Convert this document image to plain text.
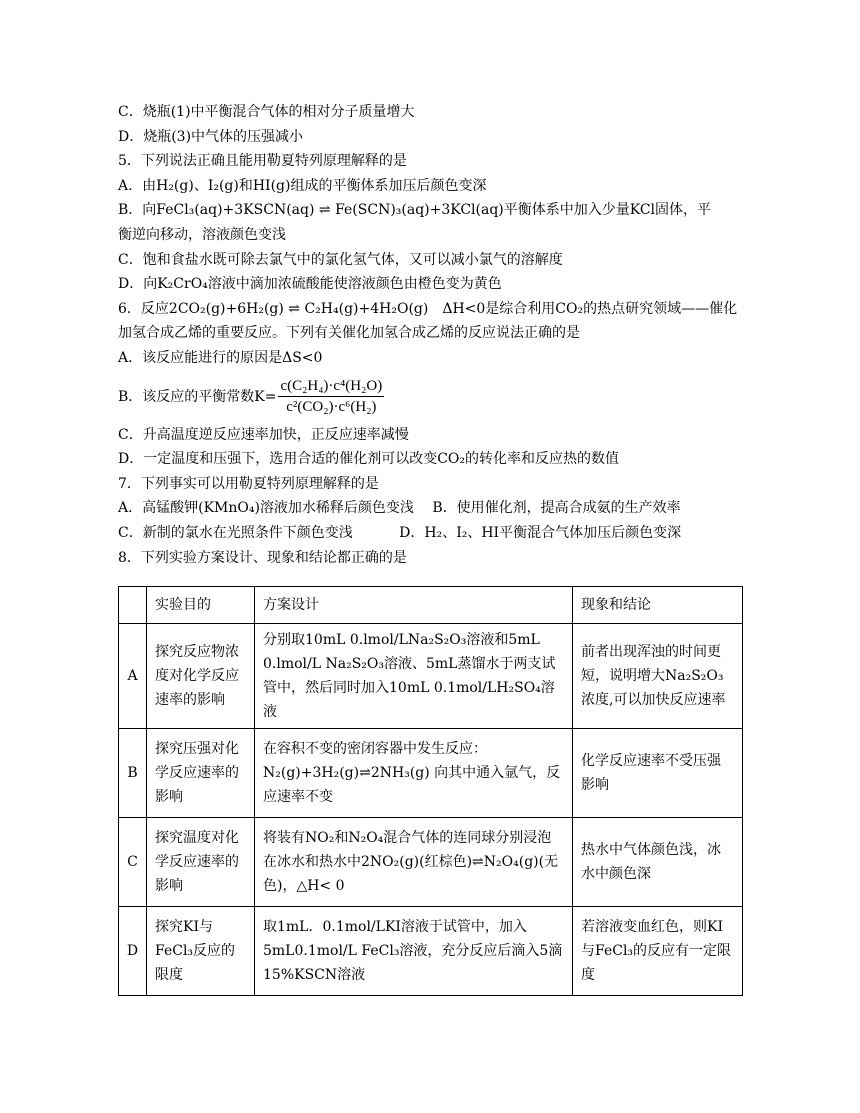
C．烧瓶(1)中平衡混合气体的相对分子质量增大
D．烧瓶(3)中气体的压强减小
5．下列说法正确且能用勒夏特列原理解释的是
A．由H₂(g)、I₂(g)和HI(g)组成的平衡体系加压后颜色变深
B．向FeCl₃(aq)+3KSCN(aq) ⇌ Fe(SCN)₃(aq)+3KCl(aq)平衡体系中加入少量KCl固体，平
衡逆向移动，溶液颜色变浅
C．饱和食盐水既可除去氯气中的氯化氢气体，又可以减小氯气的溶解度
D．向K₂CrO₄溶液中滴加浓硫酸能使溶液颜色由橙色变为黄色
6．反应2CO₂(g)+6H₂(g) ⇌ C₂H₄(g)+4H₂O(g)　ΔH<0是综合利用CO₂的热点研究领域——催化
加氢合成乙烯的重要反应。下列有关催化加氢合成乙烯的反应说法正确的是
A．该反应能进行的原因是ΔS<0
B．该反应的平衡常数$K= \frac{\text{c(C₂H₄)·c⁴(H₂O)}}{\text{c²(CO₂)·c⁶(H₂)}}$
C．升高温度逆反应速率加快，正反应速率减慢
D．一定温度和压强下，选用合适的催化剂可以改变CO₂的转化率和反应热的数值
7．下列事实可以用勒夏特列原理解释的是
A．高锰酸钾(KMnO₄)溶液加水稀释后颜色变浅　 B．使用催化剂，提高合成氨的生产效率
C．新制的氯水在光照条件下颜色变浅　　　 D．H₂、I₂、HI平衡混合气体加压后颜色变深
8．下列实验方案设计、现象和结论都正确的是
	实验目的	方案设计	现象和结论
A	探究反应物浓度对化学反应速率的影响	分别取10mL 0.lmol/LNa₂S₂O₃溶液和5mL 0.lmol/L Na₂S₂O₃溶液、5mL蒸馏水于两支试管中，然后同时加入10mL 0.1mol/LH₂SO₄溶液	前者出现浑浊的时间更短，说明增大Na₂S₂O₃浓度,可以加快反应速率
B	探究压强对化学反应速率的影响	在容积不变的密闭容器中发生反应：N₂(g)+3H₂(g)⇌2NH₃(g) 向其中通入氩气，反应速率不变	化学反应速率不受压强影响
C	探究温度对化学反应速率的影响	将装有NO₂和N₂O₄混合气体的连同球分别浸泡在冰水和热水中2NO₂(g)(红棕色)⇌N₂O₄(g)(无色)，△H< 0	热水中气体颜色浅，冰水中颜色深
D	探究KI与FeCl₃反应的限度	取1mL．0.1mol/LKI溶液于试管中，加入5mL0.1mol/L FeCl₃溶液，充分反应后滴入5滴15%KSCN溶液	若溶液变血红色，则KI与FeCl₃的反应有一定限度
